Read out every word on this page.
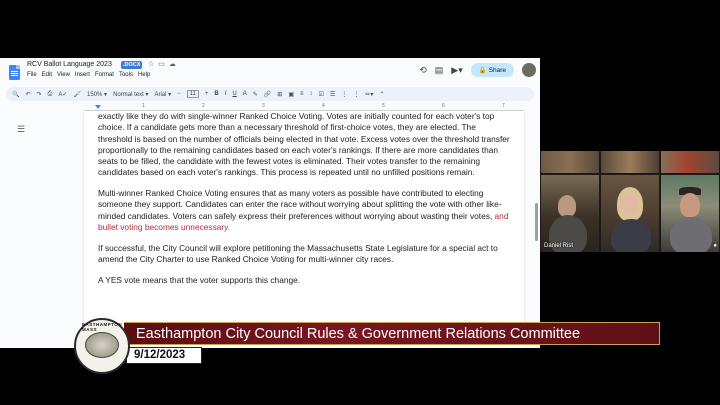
RCV Ballot Language 2023	.DOCX ☆ ▭ ☁
File Edit View Insert Format Tools Help
⟲ ▤ ▶▾	🔒 Share
🔍 ↶ ↷ ⎙ A✓ 🖌 150% ▾ Normal text ▾ Arial ▾ −	11	+ B I U A ✎ 🔗 ⊞ ▣ ≡ ↕ ☑ ☰ ⋮ ⋮ ✏▾ ⌃
1	2	3	4	5	6	7
☰

exactly like they do with single-winner Ranked Choice Voting. Votes are initially counted for each voter's top choice. If a candidate gets more than a necessary threshold of first-choice votes, they are elected. The threshold is based on the number of officials being elected in that vote. Excess votes over the threshold transfer proportionally to the remaining candidates based on each voter's rankings. If there are more candidates than seats to be filled, the candidate with the fewest votes is eliminated. Their votes transfer to the remaining candidates based on each voter's rankings. This process is repeated until no unfilled positions remain.

Multi-winner Ranked Choice Voting ensures that as many voters as possible have contributed to electing someone they support. Candidates can enter the race without worrying about splitting the vote with other like-minded candidates. Voters can safely express their preferences without worrying about wasting their votes, and bullet voting becomes unnecessary.

If successful, the City Council will explore petitioning the Massachusetts State Legislature for a special act to amend the City Charter to use Ranked Choice Voting for multi-winner city races.

A YES vote means that the voter supports this change.

Daniel Rist	●
Easthampton City Council Rules & Government Relations Committee
9/12/2023
EASTHAMPTON MASS
